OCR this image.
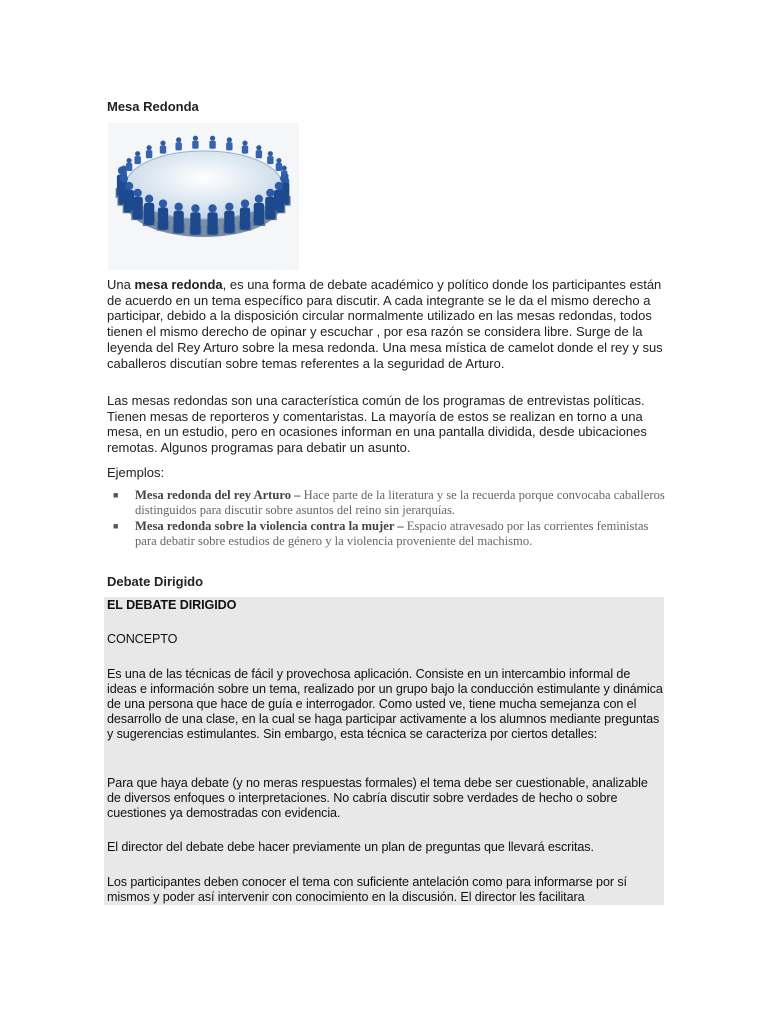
Mesa Redonda
Una mesa redonda, es una forma de debate académico y político donde los participantes están de acuerdo en un tema específico para discutir. A cada integrante se le da el mismo derecho a participar, debido a la disposición circular normalmente utilizado en las mesas redondas, todos tienen el mismo derecho de opinar y escuchar , por esa razón se considera libre. Surge de la leyenda del Rey Arturo sobre la mesa redonda. Una mesa mística de camelot donde el rey y sus caballeros discutían sobre temas referentes a la seguridad de Arturo.
Las mesas redondas son una característica común de los programas de entrevistas políticas. Tienen mesas de reporteros y comentaristas. La mayoría de estos se realizan en torno a una mesa, en un estudio, pero en ocasiones informan en una pantalla dividida, desde ubicaciones remotas. Algunos programas para debatir un asunto.
Ejemplos:
■ Mesa redonda del rey Arturo – Hace parte de la literatura y se la recuerda porque convocaba caballeros distinguidos para discutir sobre asuntos del reino sin jerarquías.
■ Mesa redonda sobre la violencia contra la mujer – Espacio atravesado por las corrientes feministas para debatir sobre estudios de género y la violencia proveniente del machismo.
Debate Dirigido
EL DEBATE DIRIGIDO
CONCEPTO
Es una de las técnicas de fácil y provechosa aplicación. Consiste en un intercambio informal de ideas e información sobre un tema, realizado por un grupo bajo la conducción estimulante y dinámica de una persona que hace de guía e interrogador. Como usted ve, tiene mucha semejanza con el desarrollo de una clase, en la cual se haga participar activamente a los alumnos mediante preguntas y sugerencias estimulantes. Sin embargo, esta técnica se caracteriza por ciertos detalles:
Para que haya debate (y no meras respuestas formales) el tema debe ser cuestionable, analizable de diversos enfoques o interpretaciones. No cabría discutir sobre verdades de hecho o sobre cuestiones ya demostradas con evidencia.
El director del debate debe hacer previamente un plan de preguntas que llevará escritas.
Los participantes deben conocer el tema con suficiente antelación como para informarse por sí mismos y poder así intervenir con conocimiento en la discusión. El director les facilitara
